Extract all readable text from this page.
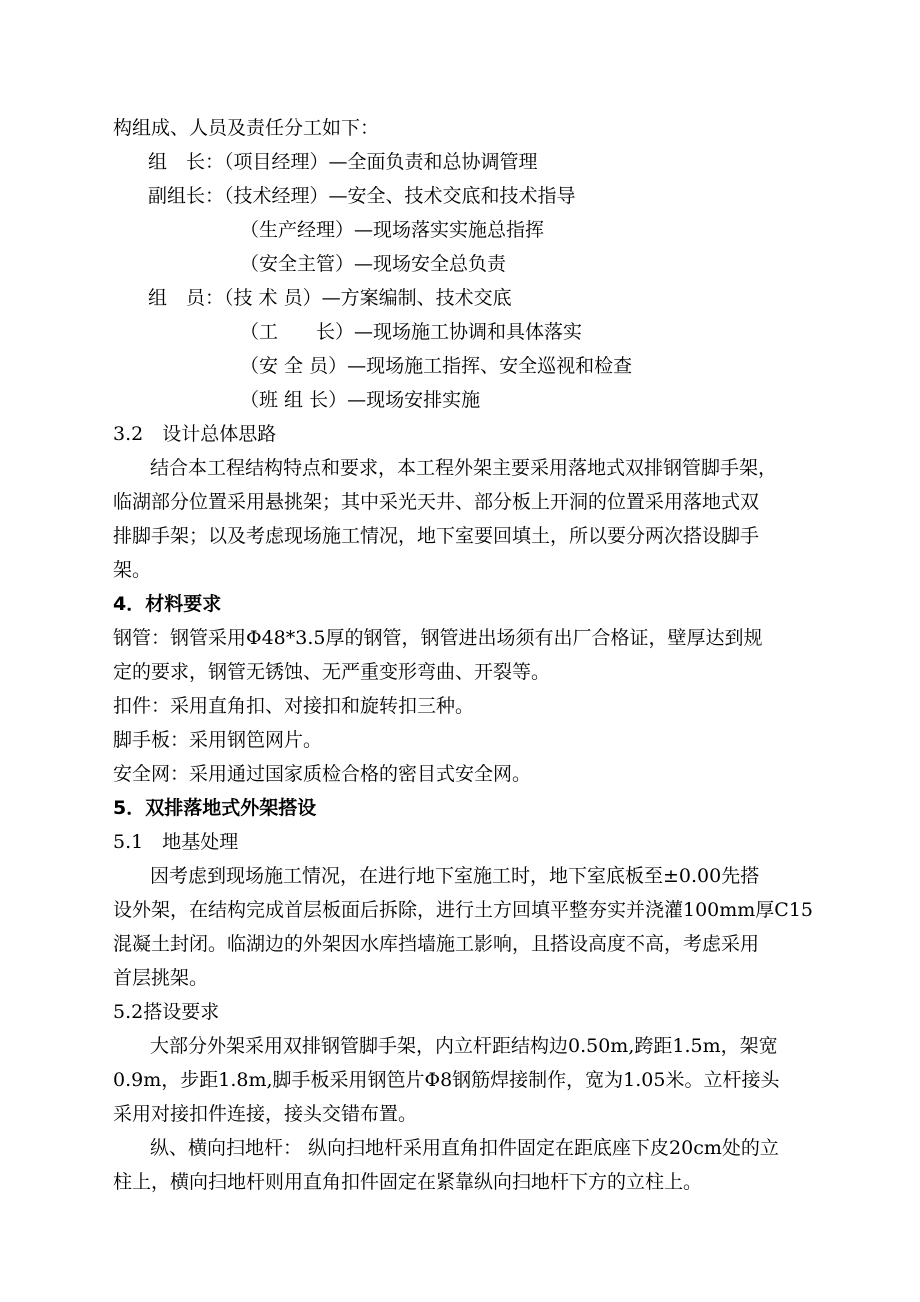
构组成、人员及责任分工如下：

组　长：（项目经理）—全面负责和总协调管理

副组长：（技术经理）—安全、技术交底和技术指导

（生产经理）—现场落实实施总指挥

（安全主管）—现场安全总负责

组　员：（技 术 员）—方案编制、技术交底

（工　　长）—现场施工协调和具体落实

（安 全 员）—现场施工指挥、安全巡视和检查

（班 组 长）—现场安排实施

3.2　设计总体思路

结合本工程结构特点和要求，本工程外架主要采用落地式双排钢管脚手架，

临湖部分位置采用悬挑架；其中采光天井、部分板上开洞的位置采用落地式双

排脚手架；以及考虑现场施工情况，地下室要回填土，所以要分两次搭设脚手

架。

4．材料要求

钢管：钢管采用Φ48*3.5厚的钢管，钢管进出场须有出厂合格证，壁厚达到规

定的要求，钢管无锈蚀、无严重变形弯曲、开裂等。

扣件：采用直角扣、对接扣和旋转扣三种。

脚手板：采用钢笆网片。

安全网：采用通过国家质检合格的密目式安全网。

5．双排落地式外架搭设

5.1　地基处理

因考虑到现场施工情况，在进行地下室施工时，地下室底板至±0.00先搭

设外架，在结构完成首层板面后拆除，进行土方回填平整夯实并浇灌100mm厚C15

混凝土封闭。临湖边的外架因水库挡墙施工影响，且搭设高度不高，考虑采用

首层挑架。

5.2搭设要求

大部分外架采用双排钢管脚手架，内立杆距结构边0.50m,跨距1.5m，架宽

0.9m，步距1.8m,脚手板采用钢笆片Φ8钢筋焊接制作，宽为1.05米。立杆接头

采用对接扣件连接，接头交错布置。

纵、横向扫地杆： 纵向扫地杆采用直角扣件固定在距底座下皮20cm处的立

柱上，横向扫地杆则用直角扣件固定在紧靠纵向扫地杆下方的立柱上。
